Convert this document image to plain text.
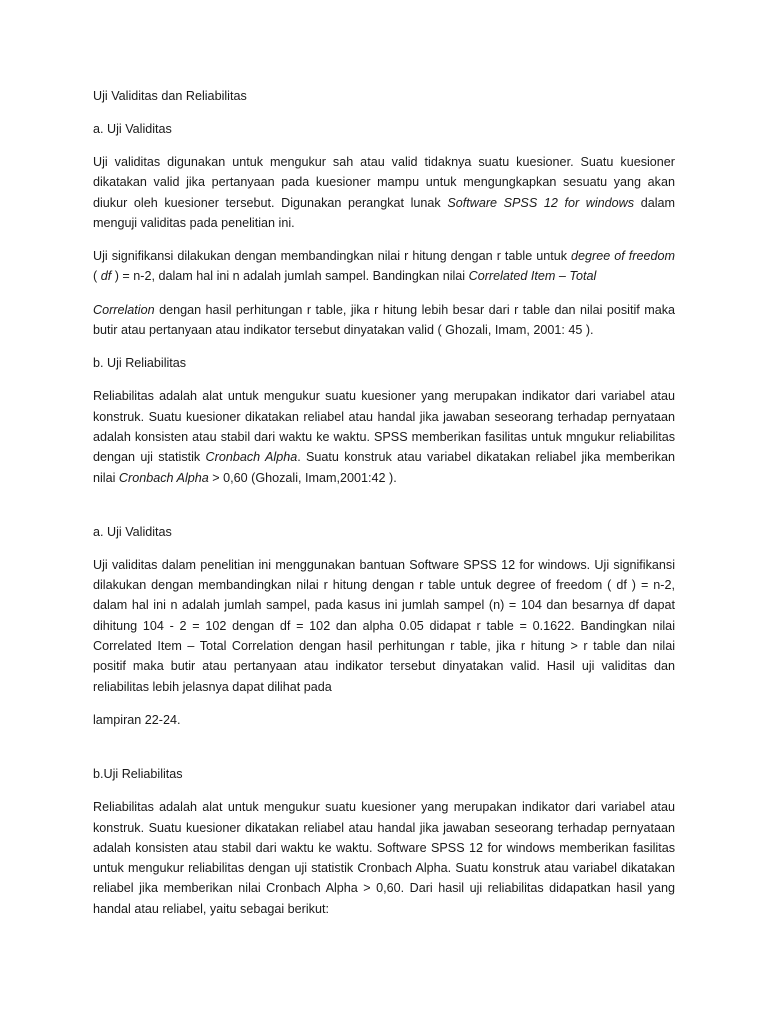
Uji Validitas dan Reliabilitas

a. Uji Validitas

Uji validitas digunakan untuk mengukur sah atau valid tidaknya suatu kuesioner. Suatu kuesioner dikatakan valid jika pertanyaan pada kuesioner mampu untuk mengungkapkan sesuatu yang akan diukur oleh kuesioner tersebut. Digunakan perangkat lunak Software SPSS 12 for windows dalam menguji validitas pada penelitian ini.

Uji signifikansi dilakukan dengan membandingkan nilai r hitung dengan r table untuk degree of freedom ( df ) = n-2, dalam hal ini n adalah jumlah sampel. Bandingkan nilai Correlated Item – Total

Correlation dengan hasil perhitungan r table, jika r hitung lebih besar dari r table dan nilai positif maka butir atau pertanyaan atau indikator tersebut dinyatakan valid ( Ghozali, Imam, 2001: 45 ).

b. Uji Reliabilitas

Reliabilitas adalah alat untuk mengukur suatu kuesioner yang merupakan indikator dari variabel atau konstruk. Suatu kuesioner dikatakan reliabel atau handal jika jawaban seseorang terhadap pernyataan adalah konsisten atau stabil dari waktu ke waktu. SPSS memberikan fasilitas untuk mngukur reliabilitas dengan uji statistik Cronbach Alpha. Suatu konstruk atau variabel dikatakan reliabel jika memberikan nilai Cronbach Alpha > 0,60 (Ghozali, Imam,2001:42 ).

a. Uji Validitas

Uji validitas dalam penelitian ini menggunakan bantuan Software SPSS 12 for windows. Uji signifikansi dilakukan dengan membandingkan nilai r hitung dengan r table untuk degree of freedom ( df ) = n-2, dalam hal ini n adalah jumlah sampel, pada kasus ini jumlah sampel (n) = 104 dan besarnya df dapat dihitung 104 - 2 = 102 dengan df = 102 dan alpha 0.05 didapat r table = 0.1622. Bandingkan nilai Correlated Item – Total Correlation dengan hasil perhitungan r table, jika r hitung > r table dan nilai positif maka butir atau pertanyaan atau indikator tersebut dinyatakan valid. Hasil uji validitas dan reliabilitas lebih jelasnya dapat dilihat pada

lampiran 22-24.

b.Uji Reliabilitas

Reliabilitas adalah alat untuk mengukur suatu kuesioner yang merupakan indikator dari variabel atau konstruk. Suatu kuesioner dikatakan reliabel atau handal jika jawaban seseorang terhadap pernyataan adalah konsisten atau stabil dari waktu ke waktu. Software SPSS 12 for windows memberikan fasilitas untuk mengukur reliabilitas dengan uji statistik Cronbach Alpha. Suatu konstruk atau variabel dikatakan reliabel jika memberikan nilai Cronbach Alpha > 0,60. Dari hasil uji reliabilitas didapatkan hasil yang handal atau reliabel, yaitu sebagai berikut:
